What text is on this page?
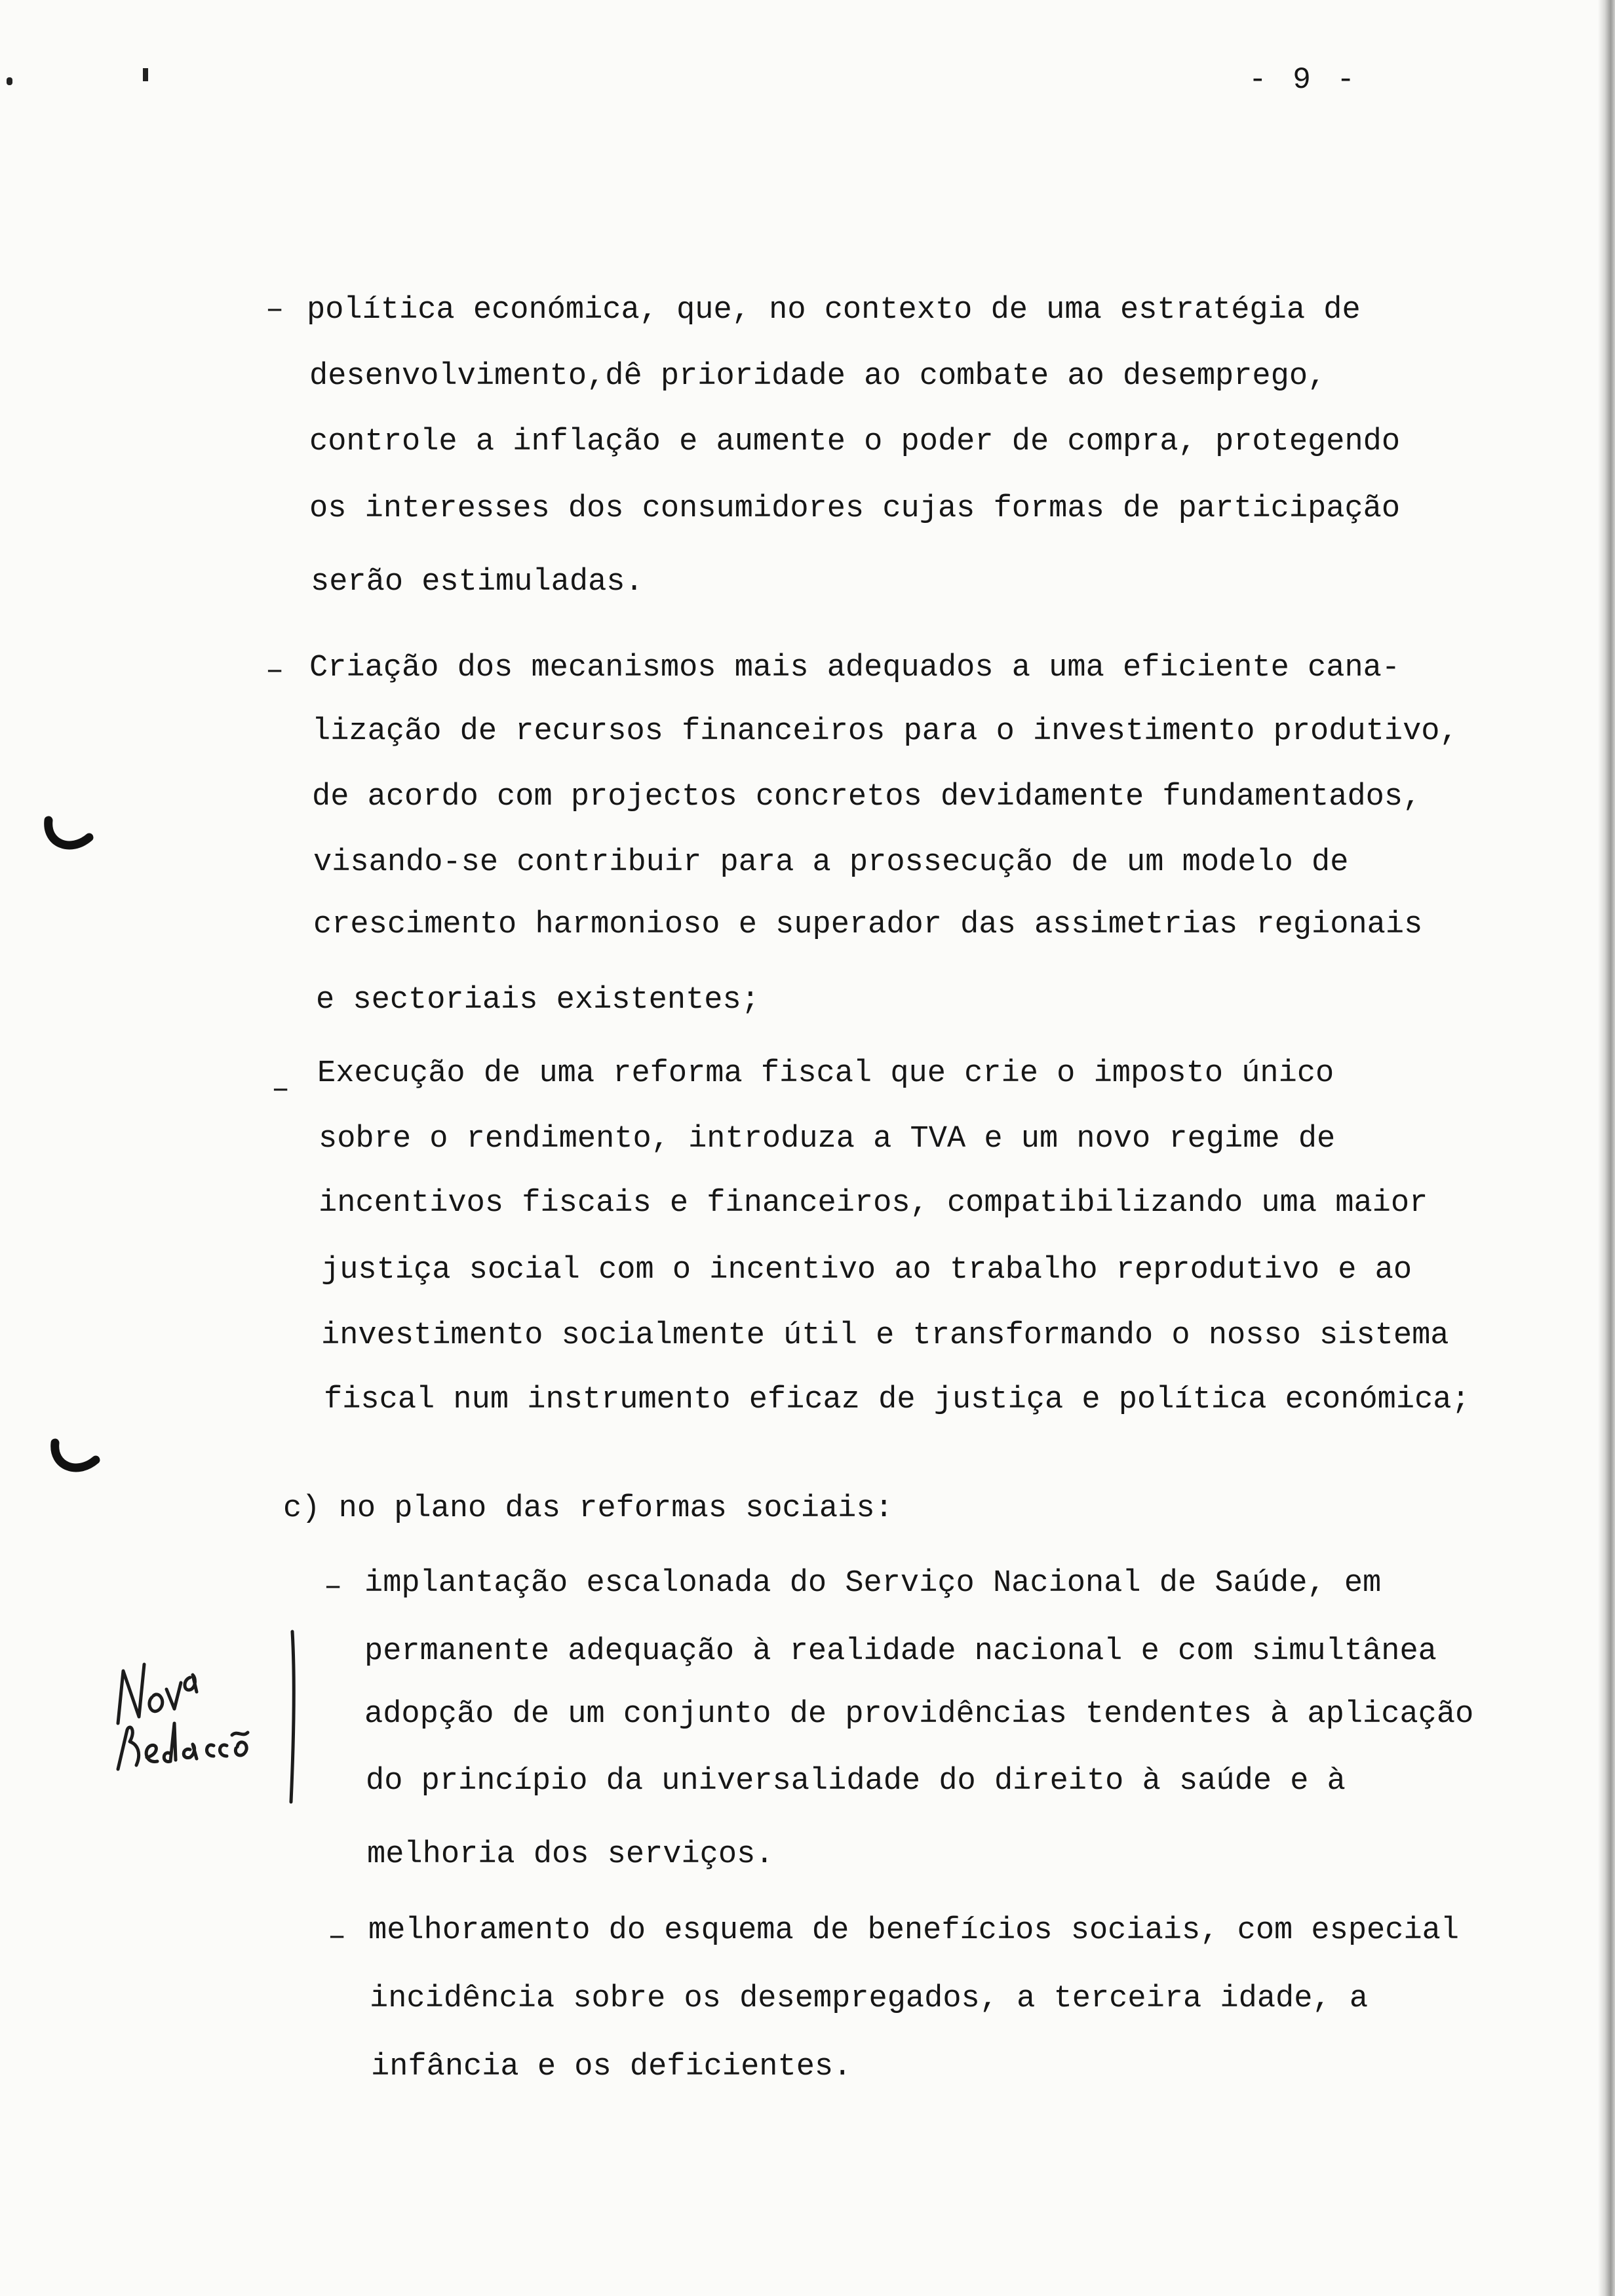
- 9 -
– política económica, que, no contexto de uma estratégia de
desenvolvimento,dê prioridade ao combate ao desemprego,
controle a inflação e aumente o poder de compra, protegendo
os interesses dos consumidores cujas formas de participação
serão estimuladas.
– Criação dos mecanismos mais adequados a uma eficiente cana-
lização de recursos financeiros para o investimento produtivo,
de acordo com projectos concretos devidamente fundamentados,
visando-se contribuir para a prossecução de um modelo de
crescimento harmonioso e superador das assimetrias regionais
e sectoriais existentes;
– Execução de uma reforma fiscal que crie o imposto único
sobre o rendimento, introduza a TVA e um novo regime de
incentivos fiscais e financeiros, compatibilizando uma maior
justiça social com o incentivo ao trabalho reprodutivo e ao
investimento socialmente útil e transformando o nosso sistema
fiscal num instrumento eficaz de justiça e política económica;
c) no plano das reformas sociais:
– implantação escalonada do Serviço Nacional de Saúde, em
permanente adequação à realidade nacional e com simultânea
adopção de um conjunto de providências tendentes à aplicação
do princípio da universalidade do direito à saúde e à
melhoria dos serviços.
– melhoramento do esquema de benefícios sociais, com especial
incidência sobre os desempregados, a terceira idade, a
infância e os deficientes.
